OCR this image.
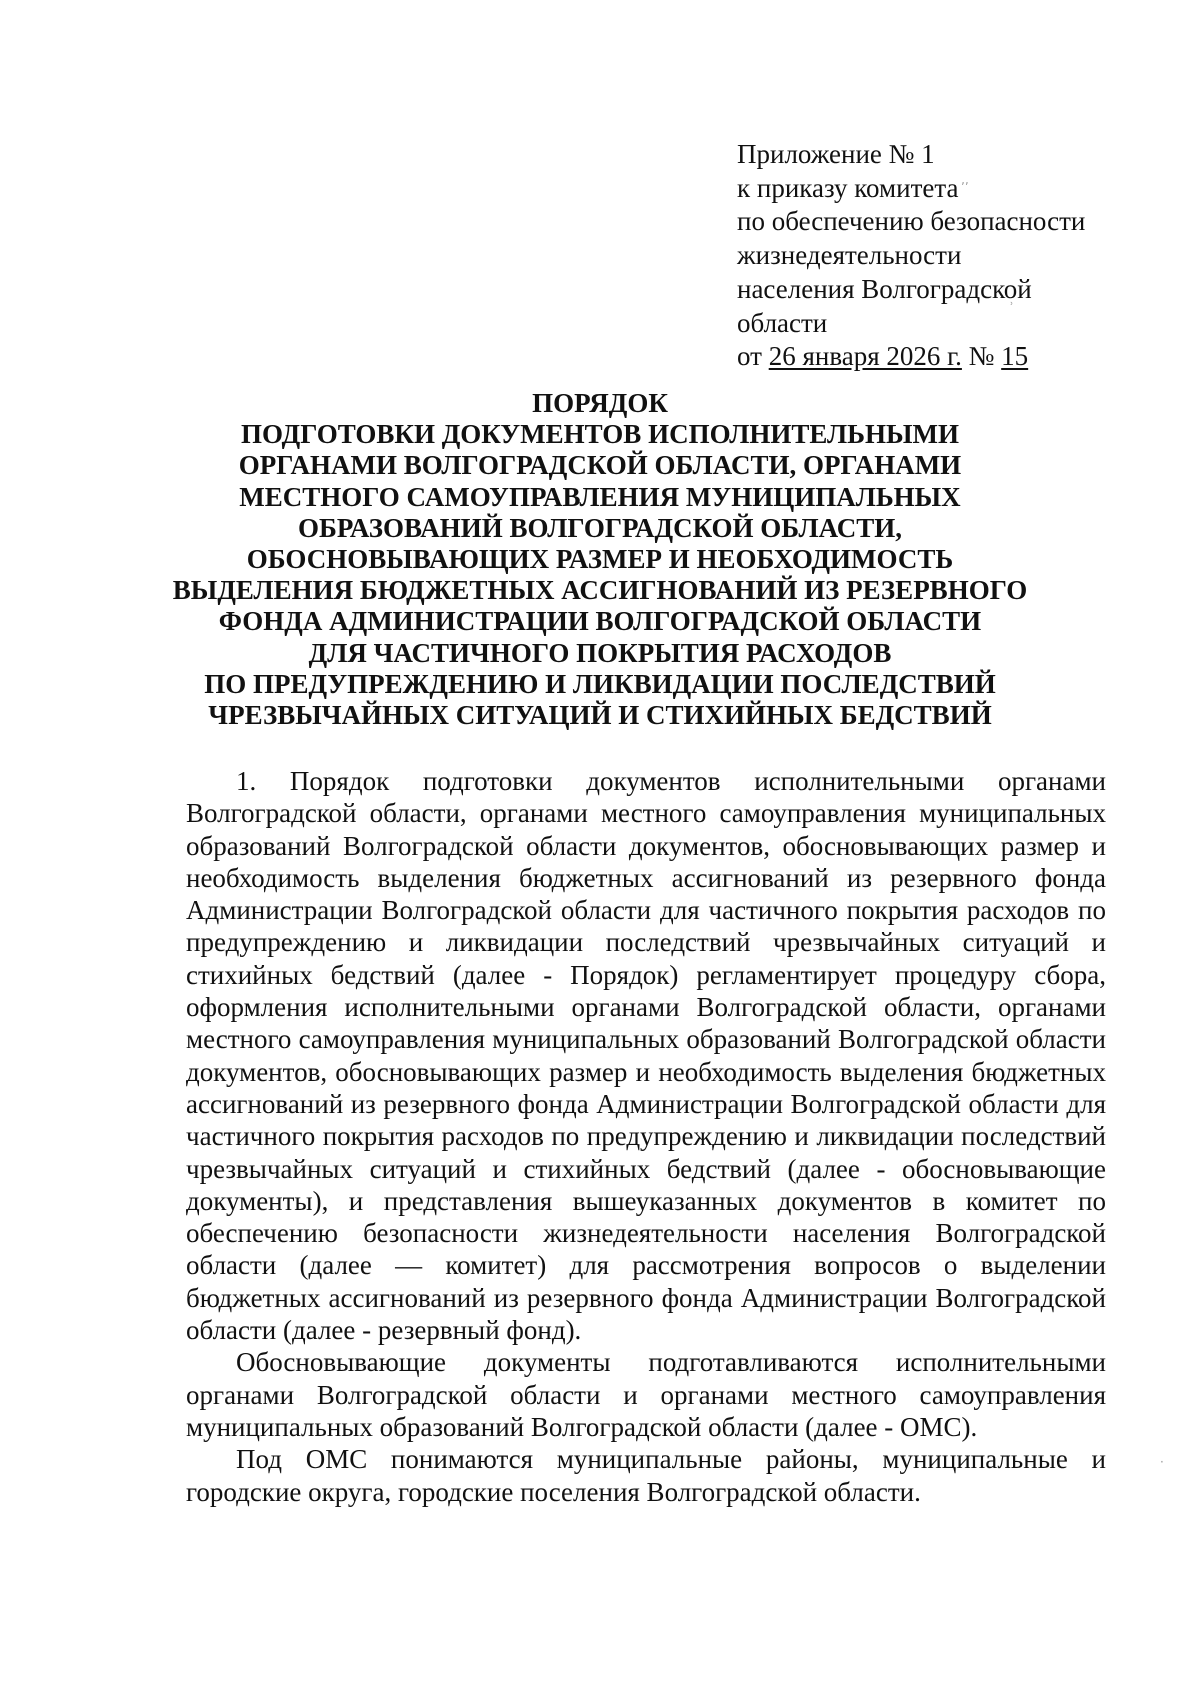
Приложение № 1
к приказу комитета
по обеспечению безопасности
жизнедеятельности
населения Волгоградской
области
от 26 января 2026 г. № 15
ПОРЯДОК
ПОДГОТОВКИ ДОКУМЕНТОВ ИСПОЛНИТЕЛЬНЫМИ
ОРГАНАМИ ВОЛГОГРАДСКОЙ ОБЛАСТИ, ОРГАНАМИ
МЕСТНОГО САМОУПРАВЛЕНИЯ МУНИЦИПАЛЬНЫХ
ОБРАЗОВАНИЙ ВОЛГОГРАДСКОЙ ОБЛАСТИ,
ОБОСНОВЫВАЮЩИХ РАЗМЕР И НЕОБХОДИМОСТЬ
ВЫДЕЛЕНИЯ БЮДЖЕТНЫХ АССИГНОВАНИЙ ИЗ РЕЗЕРВНОГО
ФОНДА АДМИНИСТРАЦИИ ВОЛГОГРАДСКОЙ ОБЛАСТИ
ДЛЯ ЧАСТИЧНОГО ПОКРЫТИЯ РАСХОДОВ
ПО ПРЕДУПРЕЖДЕНИЮ И ЛИКВИДАЦИИ ПОСЛЕДСТВИЙ
ЧРЕЗВЫЧАЙНЫХ СИТУАЦИЙ И СТИХИЙНЫХ БЕДСТВИЙ

1. Порядок подготовки документов исполнительными органами Волгоградской области, органами местного самоуправления муниципальных образований Волгоградской области документов, обосновывающих размер и необходимость выделения бюджетных ассигнований из резервного фонда Администрации Волгоградской области для частичного покрытия расходов по предупреждению и ликвидации последствий чрезвычайных ситуаций и стихийных бедствий (далее - Порядок) регламентирует процедуру сбора, оформления исполнительными органами Волгоградской области, органами местного самоуправления муниципальных образований Волгоградской области документов, обосновывающих размер и необходимость выделения бюджетных ассигнований из резервного фонда Администрации Волгоградской области для частичного покрытия расходов по предупреждению и ликвидации последствий чрезвычайных ситуаций и стихийных бедствий (далее - обосновывающие документы), и представления вышеуказанных документов в комитет по обеспечению безопасности жизнедеятельности населения Волгоградской области (далее — комитет) для рассмотрения вопросов о выделении бюджетных ассигнований из резервного фонда Администрации Волгоградской области (далее - резервный фонд).

Обосновывающие документы подготавливаются исполнительными органами Волгоградской области и органами местного самоуправления муниципальных образований Волгоградской области (далее - ОМС).

Под ОМС понимаются муниципальные районы, муниципальные и городские округа, городские поселения Волгоградской области.

ʼʼ
ʾ
·
